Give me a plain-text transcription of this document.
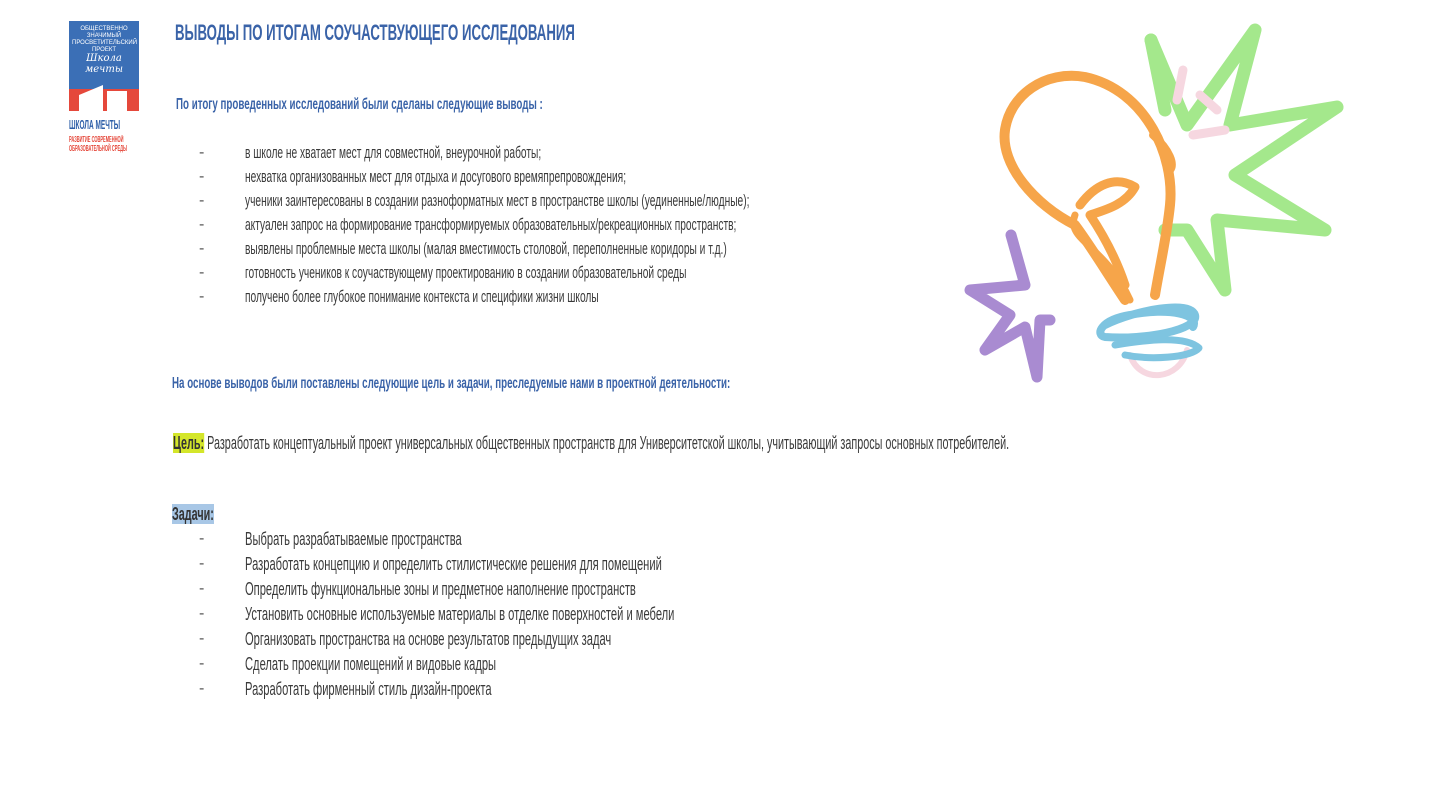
ОБЩЕСТВЕННО ЗНАЧИМЫЙ ПРОСВЕТИТЕЛЬСКИЙ ПРОЕКТ
Школа мечты
ШКОЛА МЕЧТЫ
РАЗВИТИЕ СОВРЕМЕННОЙ
ОБРАЗОВАТЕЛЬНОЙ СРЕДЫ
ВЫВОДЫ ПО ИТОГАМ СОУЧАСТВУЮЩЕГО ИССЛЕДОВАНИЯ
По итогу проведенных исследований были сделаны следующие выводы :
- в школе не хватает мест для совместной, внеурочной работы;
- нехватка организованных мест для отдыха и досугового времяпрепровождения;
- ученики заинтересованы в создании разноформатных мест в пространстве школы (уединенные/людные);
- актуален запрос на формирование трансформируемых образовательных/рекреационных пространств;
- выявлены проблемные места школы (малая вместимость столовой, переполненные коридоры и т.д.)
- готовность учеников к соучаствующему проектированию в создании образовательной среды
- получено более глубокое понимание контекста и специфики жизни школы
На основе выводов были поставлены следующие цель и задачи, преследуемые нами в проектной деятельности:
Цель: Разработать концептуальный проект универсальных общественных пространств для Университетской школы, учитывающий запросы основных потребителей.
Задачи:
- Выбрать разрабатываемые пространства
- Разработать концепцию и определить стилистические решения для помещений
- Определить функциональные зоны и предметное наполнение пространств
- Установить основные используемые материалы в отделке поверхностей и мебели
- Организовать пространства на основе результатов предыдущих задач
- Сделать проекции помещений и видовые кадры
- Разработать фирменный стиль дизайн-проекта
